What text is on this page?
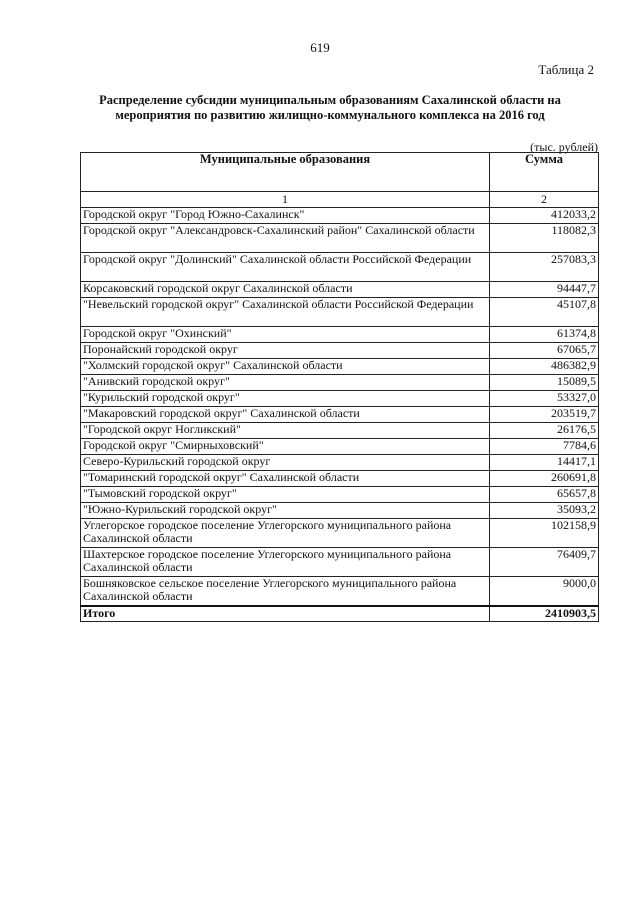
619
Таблица 2
Распределение субсидии муниципальным образованиям Сахалинской области на мероприятия по развитию жилищно-коммунального комплекса на 2016 год
(тыс. рублей)
Муниципальные образования	Сумма
1	2
Городской округ "Город Южно-Сахалинск"	412033,2
Городской округ "Александровск-Сахалинский район" Сахалинской области	118082,3
Городской округ "Долинский" Сахалинской области Российской Федерации	257083,3
Корсаковский городской округ Сахалинской области	94447,7
"Невельский городской округ" Сахалинской области Российской Федерации	45107,8
Городской округ "Охинский"	61374,8
Поронайский городской округ	67065,7
"Холмский городской округ" Сахалинской области	486382,9
"Анивский городской округ"	15089,5
"Курильский городской округ"	53327,0
"Макаровский городской округ" Сахалинской области	203519,7
"Городской округ Ногликский"	26176,5
Городской округ "Смирныховский"	7784,6
Северо-Курильский городской округ	14417,1
"Томаринский городской округ" Сахалинской области	260691,8
"Тымовский городской округ"	65657,8
"Южно-Курильский городской округ"	35093,2
Углегорское городское поселение Углегорского муниципального района Сахалинской области	102158,9
Шахтерское городское поселение Углегорского муниципального района Сахалинской области	76409,7
Бошняковское сельское поселение Углегорского муниципального района Сахалинской области	9000,0
Итого	2410903,5
